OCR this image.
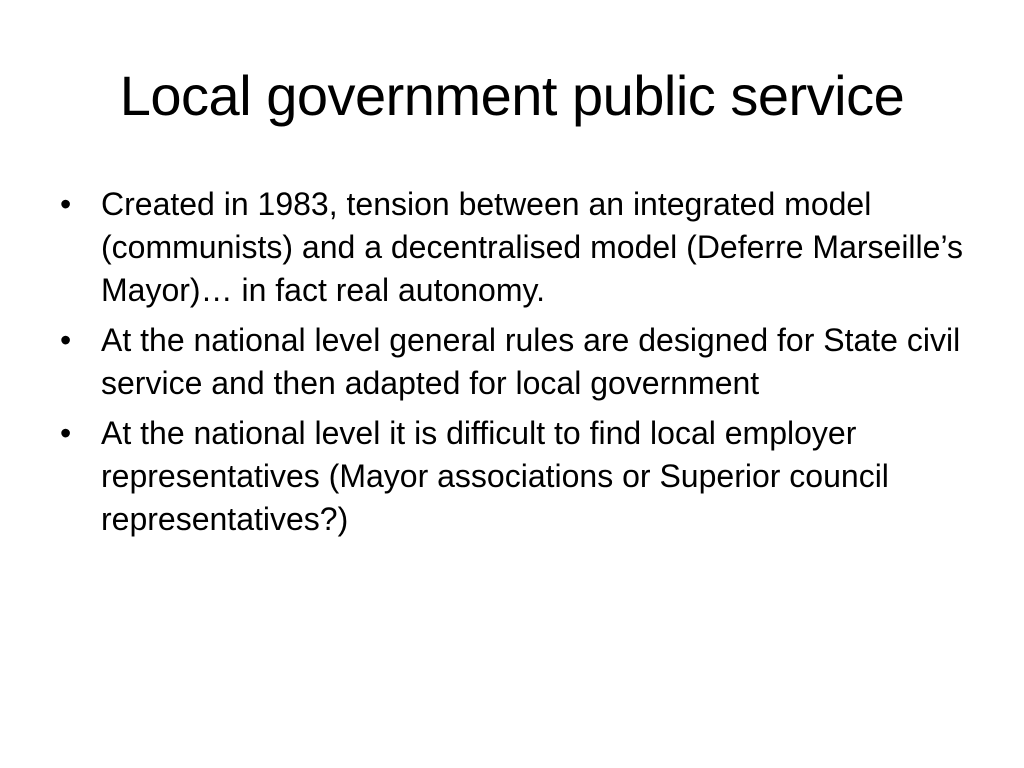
Local government public service
• Created in 1983, tension between an integrated model (communists) and a decentralised model (Deferre Marseille’s Mayor)… in fact real autonomy.
• At the national level general rules are designed for State civil service and then adapted for local government
• At the national level it is difficult to find local employer representatives (Mayor associations or Superior council representatives?)
